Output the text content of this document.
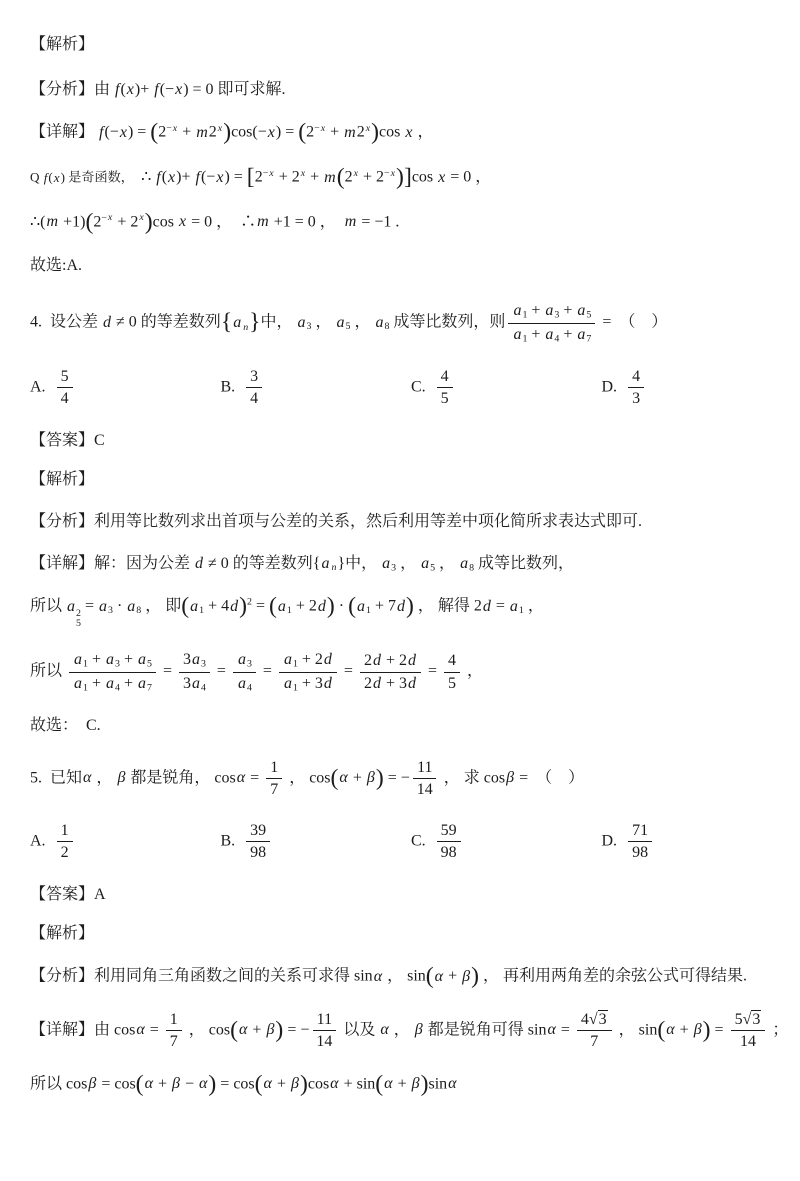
【解析】
【分析】由 f(x)+ f(−x) = 0 即可求解.
【详解】 $f(-x) = (2^{-x} + m2^x)\cos(-x) = (2^{-x} + m2^x)\cos$ x ，
Q f(x) 是奇函数，  ∴ $f(x)+ f(-x) = [2^{-x} + 2^x + m(2^x + 2^{-x})]\cos$ x = 0 ，
∴(m $+1)(2^{-x} + 2^x)\cos$ x = 0 ，  ∴m +1 = 0 ，  m = −1 .
故选:A.
4.  设公差 d ≠ 0 的等差数列{a $_n$}中， $a_3$ ， $a_5$ ， $a_8$ 成等比数列，则 $\frac{a_1 + a_3 + a_5}{a_1 + a_4 + a_7}$ =  （    ）
A. $\frac{5}{4}$	B. $\frac{3}{4}$	C. $\frac{4}{5}$	D. $\frac{4}{3}$
【答案】C
【解析】
【分析】利用等比数列求出首项与公差的关系，然后利用等差中项化简所求表达式即可.
【详解】解：因为公差 d ≠ 0 的等差数列{a $_n$}中， $a_3$ ， $a_5$ ， $a_8$ 成等比数列，
所以 a 2
5
= $a_3 \cdot a_8$ ， 即$(a_1 + 4d)^2 = (a_1 + 2d) \cdot (a_1 + 7d)$ ， 解得 $2d = a_1$ ，
所以 $\frac{a_1 + a_3 + a_5}{a_1 + a_4 + a_7} = \frac{3a_3}{3a_4} = \frac{a_3}{a_4} = \frac{a_1 + 2d}{a_1 + 3d} = \frac{2d + 2d}{2d + 3d} = \frac{4}{5}$ ，
故选：  C.
5.  已知α ， β 都是锐角， $\cos\alpha = \frac{1}{7}$ ， cos(α + β) = − $\frac{11}{14}$ ， 求 cosβ =  （    ）
A. $\frac{1}{2}$	B. $\frac{39}{98}$	C. $\frac{59}{98}$	D. $\frac{71}{98}$
【答案】A
【解析】
【分析】利用同角三角函数之间的关系可求得 sinα ， sin(α + β) ， 再利用两角差的余弦公式可得结果.
【详解】由 $\cos\alpha = \frac{1}{7}$ ， cos(α + β) = − $\frac{11}{14}$ 以及 α ， β 都是锐角可得 $\sin\alpha = \frac{4√3}{7}$ ， $\sin(\alpha + \beta) = \frac{5√3}{14}$ ；
所以 cosβ = cos(α + β − α) = cos(α + β)cosα + sin(α + β)sinα
